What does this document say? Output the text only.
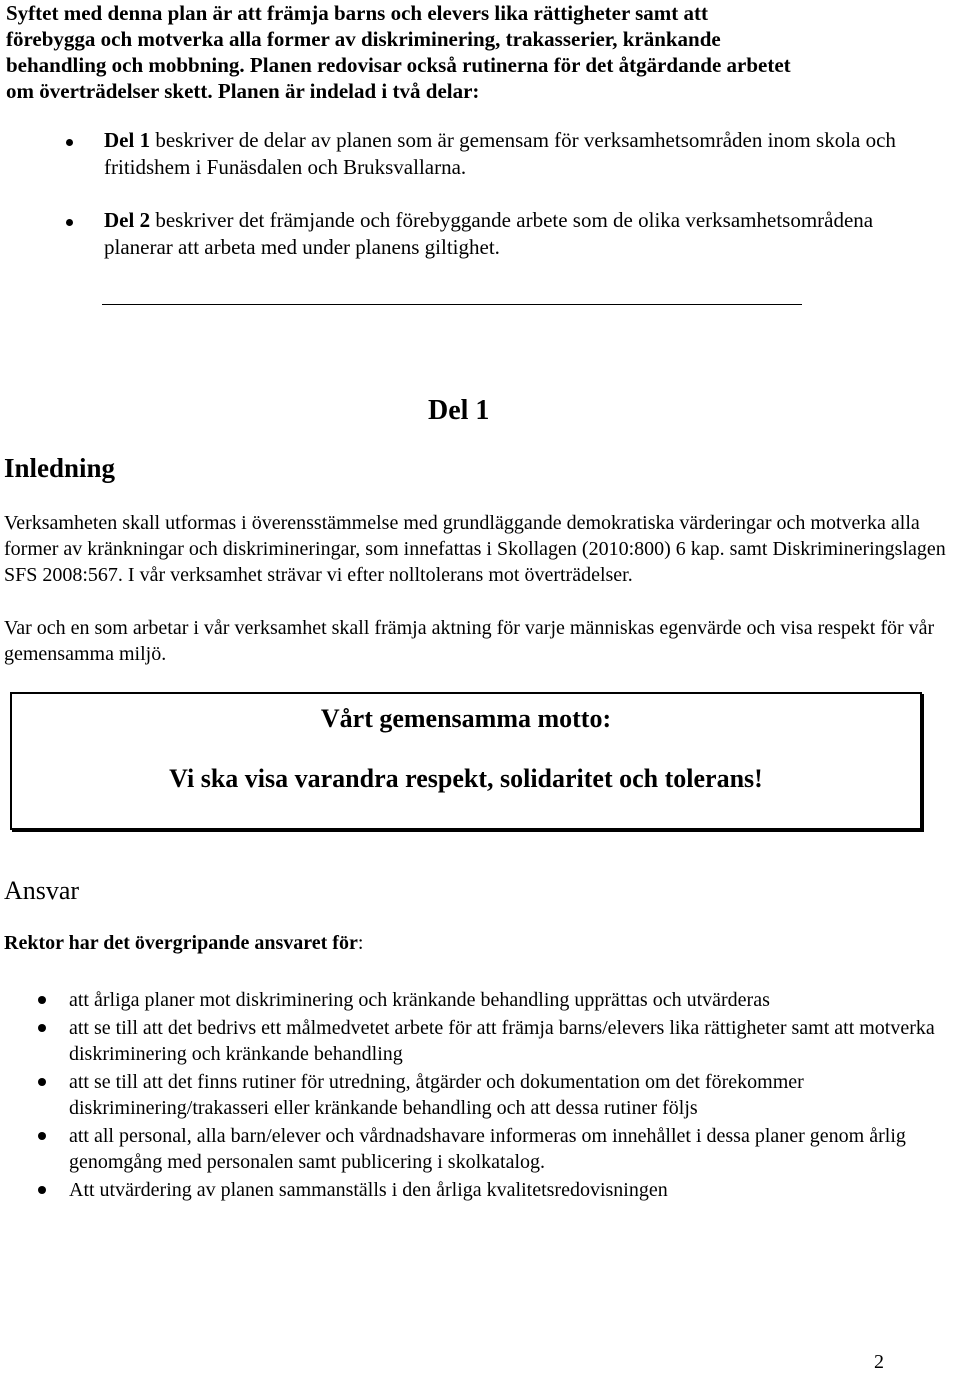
Syftet med denna plan är att främja barns och elevers lika rättigheter samt att

förebygga och motverka alla former av diskriminering, trakasserier, kränkande

behandling och mobbning. Planen redovisar också rutinerna för det åtgärdande arbetet

om överträdelser skett. Planen är indelad i två delar:

Del 1 beskriver de delar av planen som är gemensam för verksamhetsområden inom skola och fritidshem i Funäsdalen och Bruksvallarna.
Del 2 beskriver det främjande och förebyggande arbete som de olika verksamhetsområdena planerar att arbeta med under planens giltighet.
Del 1
Inledning

Verksamheten skall utformas i överensstämmelse med grundläggande demokratiska värderingar och motverka alla former av kränkningar och diskrimineringar, som innefattas i Skollagen (2010:800) 6 kap. samt Diskrimineringslagen SFS 2008:567. I vår verksamhet strävar vi efter nolltolerans mot överträdelser.

Var och en som arbetar i vår verksamhet skall främja aktning för varje människas egenvärde och visa respekt för vår gemensamma miljö.

Vårt gemensamma motto:
Vi ska visa varandra respekt, solidaritet och tolerans!
Ansvar
Rektor har det övergripande ansvaret för:
att årliga planer mot diskriminering och kränkande behandling upprättas och utvärderas
att se till att det bedrivs ett målmedvetet arbete för att främja barns/elevers lika rättigheter samt att motverka diskriminering och kränkande behandling
att se till att det finns rutiner för utredning, åtgärder och dokumentation om det förekommer diskriminering/trakasseri eller kränkande behandling och att dessa rutiner följs
att all personal, alla barn/elever och vårdnadshavare informeras om innehållet i dessa planer genom årlig genomgång med personalen samt publicering i skolkatalog.
Att utvärdering av planen sammanställs i den årliga kvalitetsredovisningen
2
